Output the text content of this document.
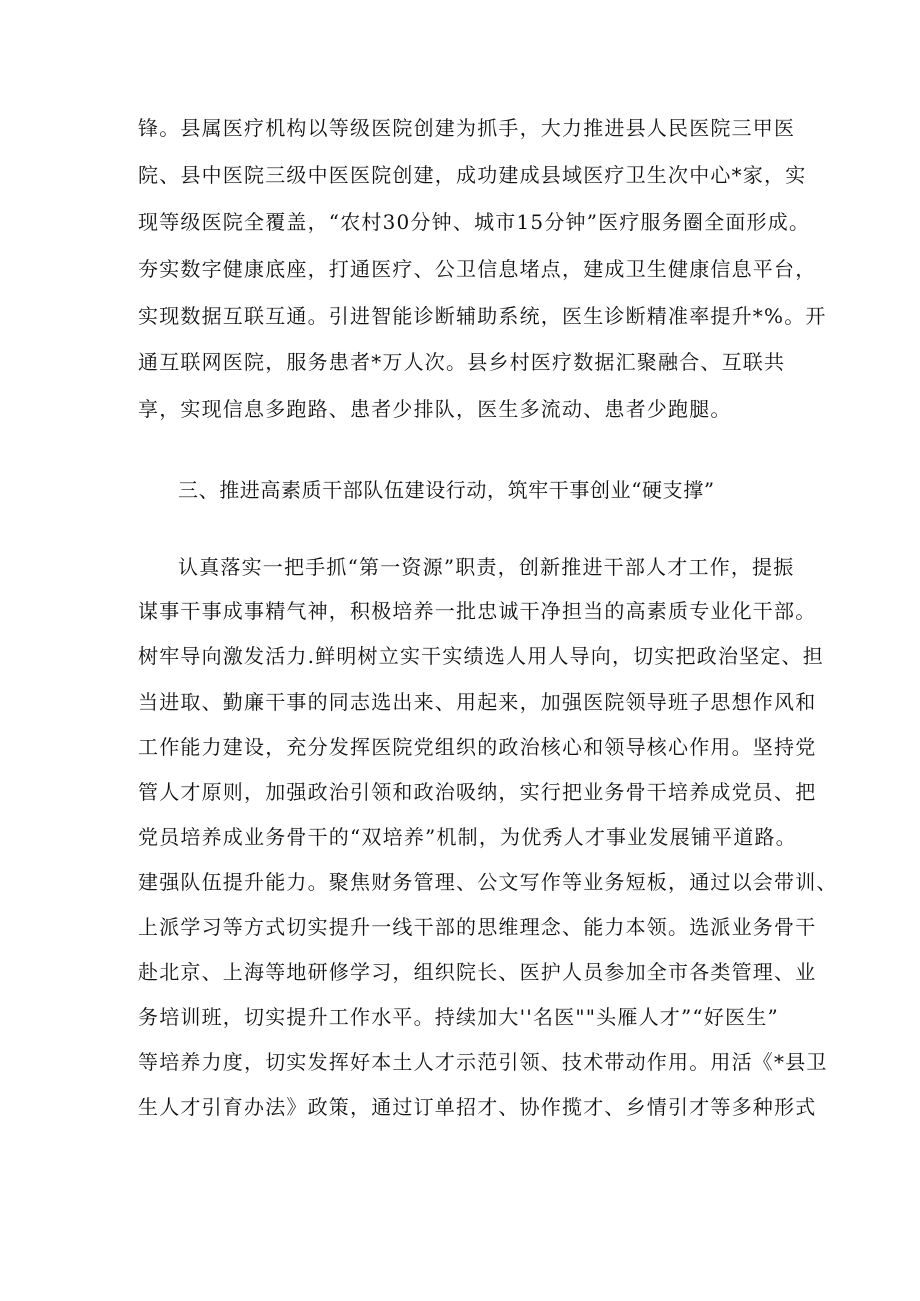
锋。县属医疗机构以等级医院创建为抓手，大力推进县人民医院三甲医
院、县中医院三级中医医院创建，成功建成县域医疗卫生次中心*家，实
现等级医院全覆盖，“农村30分钟、城市15分钟”医疗服务圈全面形成。
夯实数字健康底座，打通医疗、公卫信息堵点，建成卫生健康信息平台，
实现数据互联互通。引进智能诊断辅助系统，医生诊断精准率提升*%。开
通互联网医院，服务患者*万人次。县乡村医疗数据汇聚融合、互联共
享，实现信息多跑路、患者少排队，医生多流动、患者少跑腿。
三、推进高素质干部队伍建设行动，筑牢干事创业“硬支撑”
认真落实一把手抓“第一资源”职责，创新推进干部人才工作，提振
谋事干事成事精气神，积极培养一批忠诚干净担当的高素质专业化干部。
树牢导向激发活力.鲜明树立实干实绩选人用人导向，切实把政治坚定、担
当进取、勤廉干事的同志选出来、用起来，加强医院领导班子思想作风和
工作能力建设，充分发挥医院党组织的政治核心和领导核心作用。坚持党
管人才原则，加强政治引领和政治吸纳，实行把业务骨干培养成党员、把
党员培养成业务骨干的“双培养”机制，为优秀人才事业发展铺平道路。
建强队伍提升能力。聚焦财务管理、公文写作等业务短板，通过以会带训、
上派学习等方式切实提升一线干部的思维理念、能力本领。选派业务骨干
赴北京、上海等地研修学习，组织院长、医护人员参加全市各类管理、业
务培训班，切实提升工作水平。持续加大''名医""头雁人才”“好医生”
等培养力度，切实发挥好本土人才示范引领、技术带动作用。用活《*县卫
生人才引育办法》政策，通过订单招才、协作揽才、乡情引才等多种形式
